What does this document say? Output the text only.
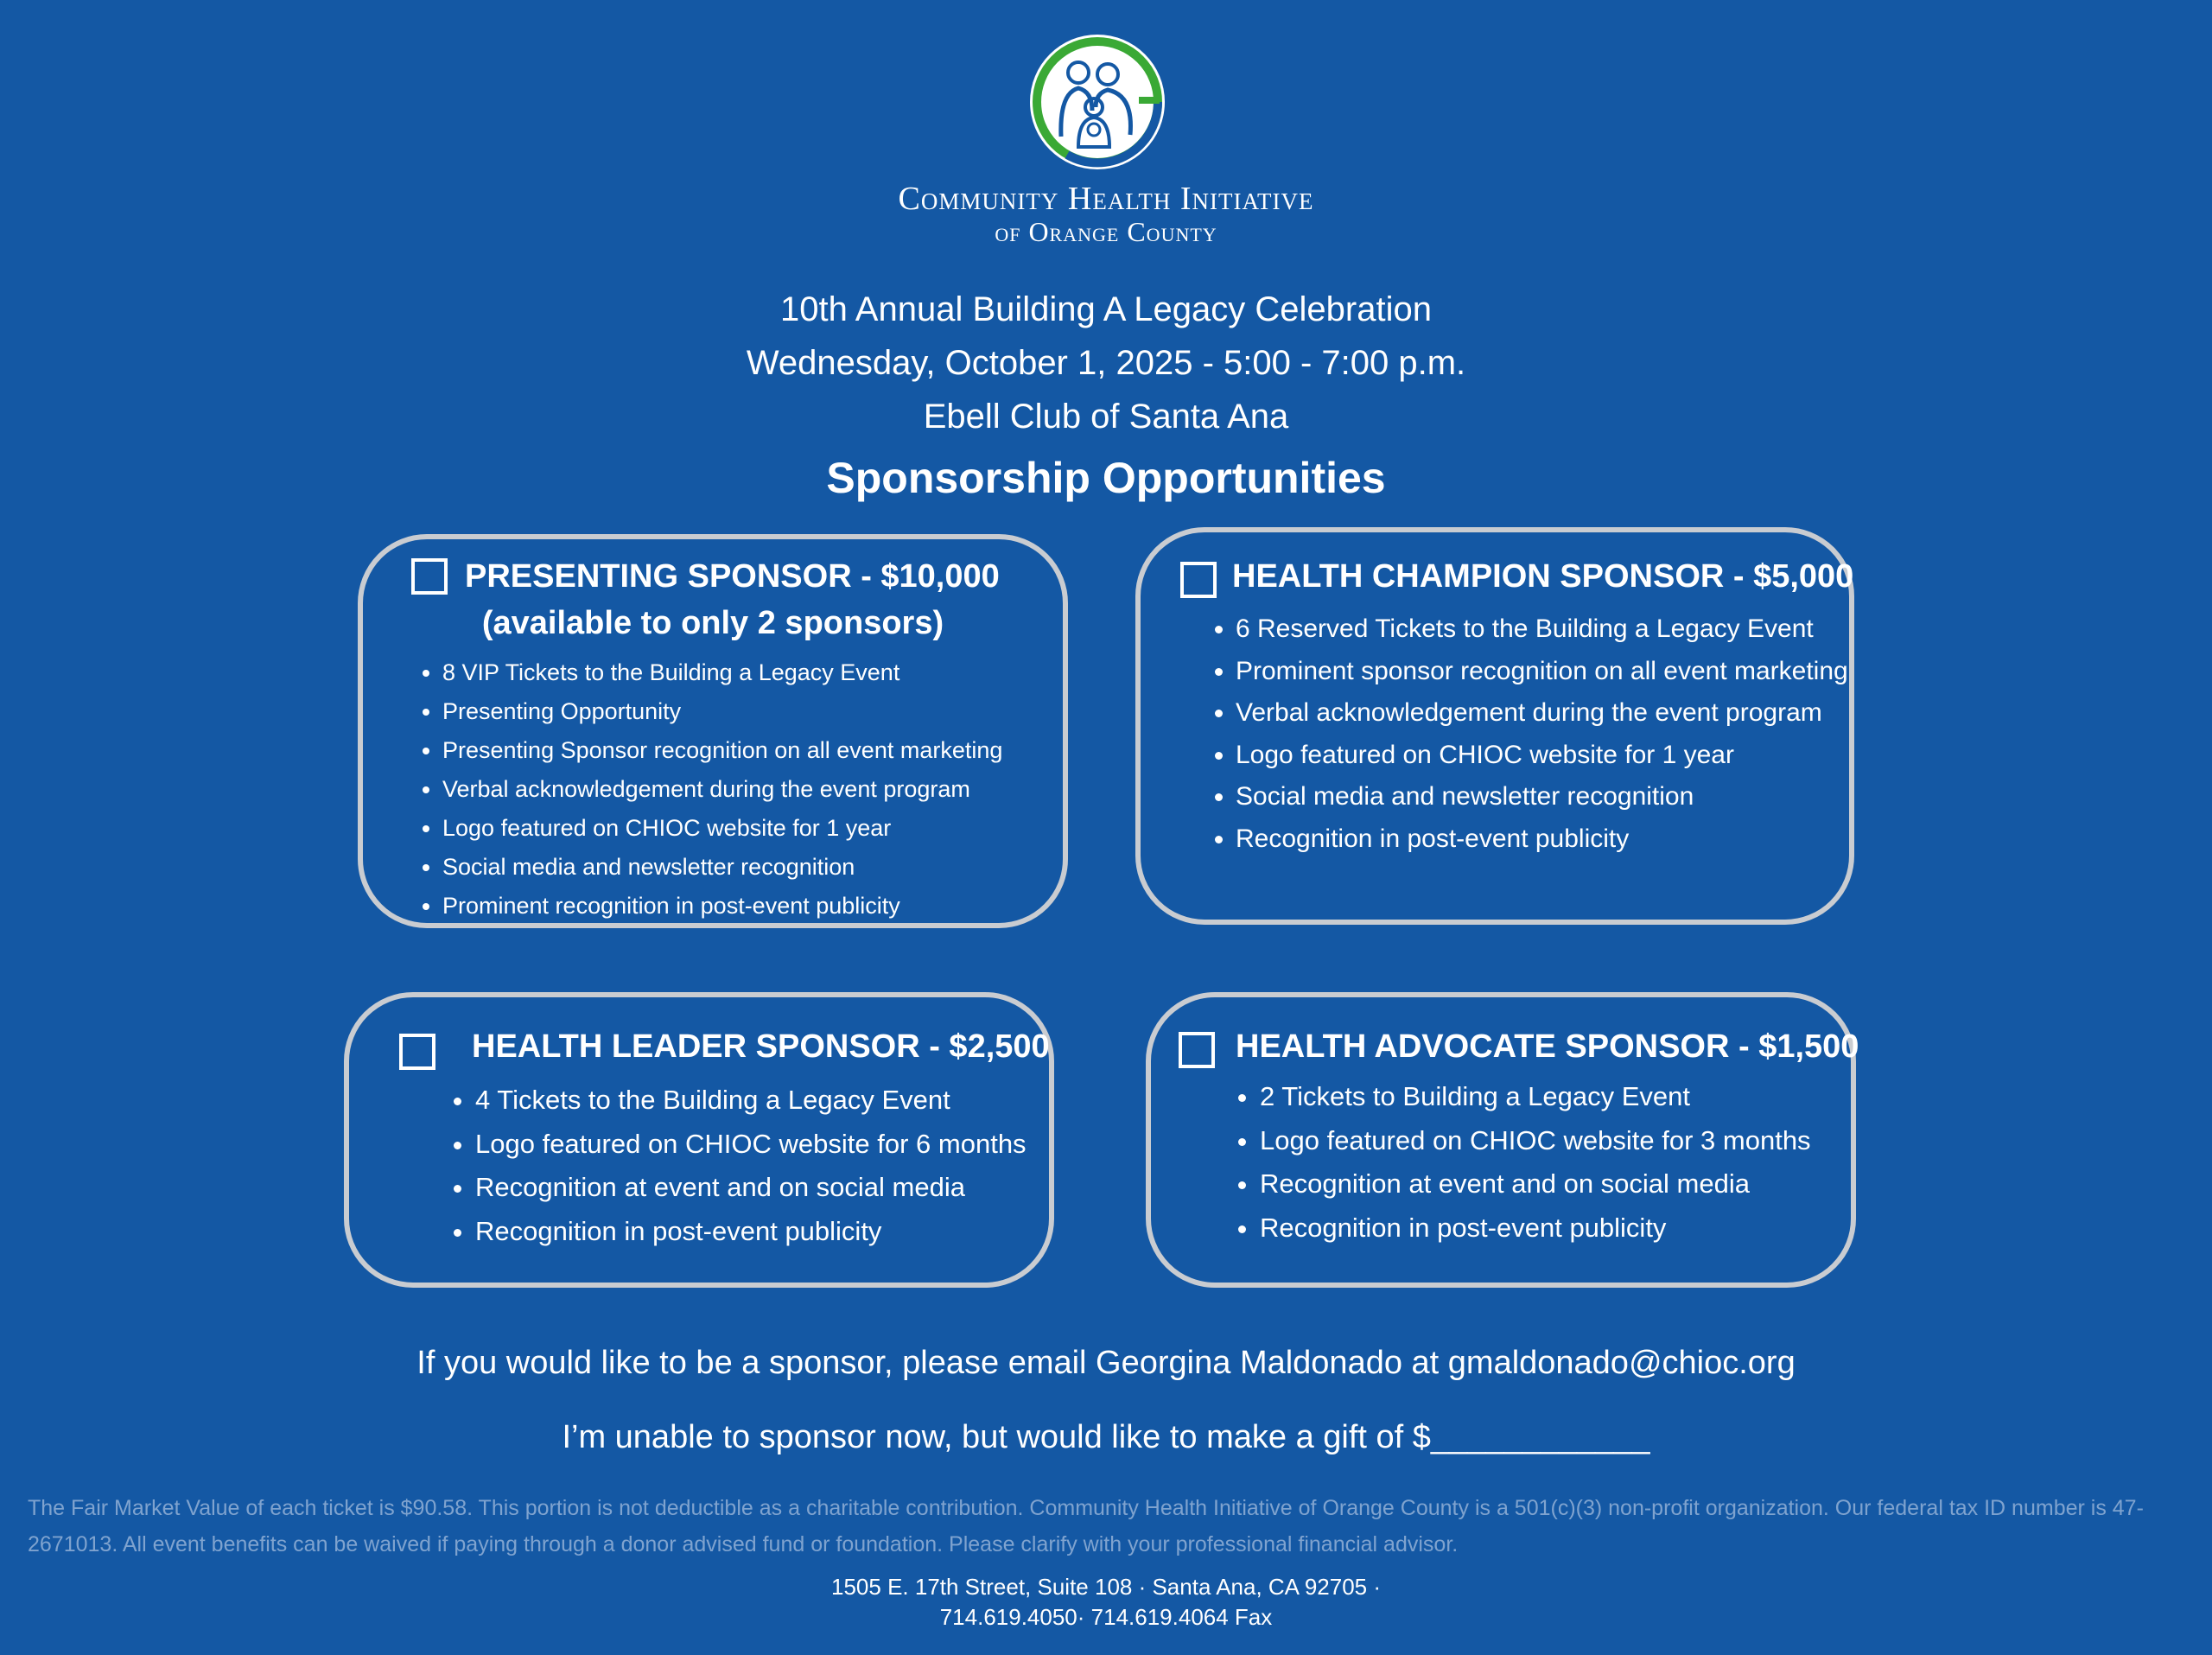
Community Health Initiative
of Orange County
10th Annual Building A Legacy Celebration
Wednesday, October 1, 2025 - 5:00 - 7:00 p.m.
Ebell Club of Santa Ana
Sponsorship Opportunities
PRESENTING SPONSOR - $10,000
(available to only 2 sponsors)
• 8 VIP Tickets to the Building a Legacy Event
• Presenting Opportunity
• Presenting Sponsor recognition on all event marketing
• Verbal acknowledgement during the event program
• Logo featured on CHIOC website for 1 year
• Social media and newsletter recognition
• Prominent recognition in post-event publicity
HEALTH CHAMPION SPONSOR - $5,000
• 6 Reserved Tickets to the Building a Legacy Event
• Prominent sponsor recognition on all event marketing
• Verbal acknowledgement during the event program
• Logo featured on CHIOC website for 1 year
• Social media and newsletter recognition
• Recognition in post-event publicity
HEALTH LEADER SPONSOR - $2,500
• 4 Tickets to the Building a Legacy Event
• Logo featured on CHIOC website for 6 months
• Recognition at event and on social media
• Recognition in post-event publicity
HEALTH ADVOCATE SPONSOR - $1,500
• 2 Tickets to Building a Legacy Event
• Logo featured on CHIOC website for 3 months
• Recognition at event and on social media
• Recognition in post-event publicity
If you would like to be a sponsor, please email Georgina Maldonado at gmaldonado@chioc.org
I’m unable to sponsor now, but would like to make a gift of $____________
The Fair Market Value of each ticket is $90.58. This portion is not deductible as a charitable contribution. Community Health Initiative of Orange County is a 501(c)(3) non-profit organization. Our federal tax ID number is 47-2671013. All event benefits can be waived if paying through a donor advised fund or foundation. Please clarify with your professional financial advisor.
1505 E. 17th Street, Suite 108 · Santa Ana, CA 92705 ·
714.619.4050· 714.619.4064 Fax
